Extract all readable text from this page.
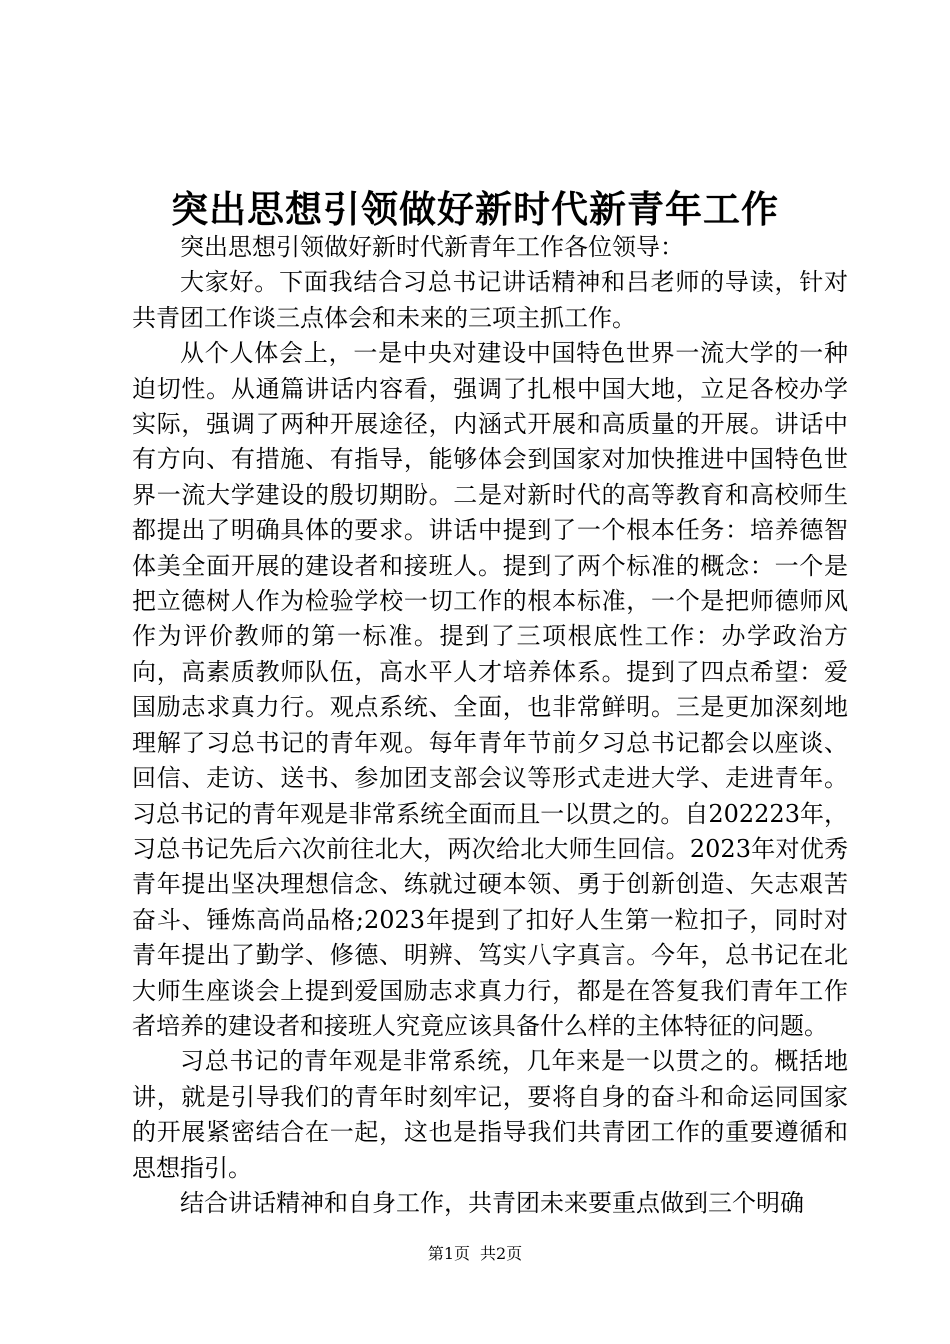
突出思想引领做好新时代新青年工作

突出思想引领做好新时代新青年工作各位领导：

大家好。下面我结合习总书记讲话精神和吕老师的导读，针对共青团工作谈三点体会和未来的三项主抓工作。

从个人体会上，一是中央对建设中国特色世界一流大学的一种迫切性。从通篇讲话内容看，强调了扎根中国大地，立足各校办学实际，强调了两种开展途径，内涵式开展和高质量的开展。讲话中有方向、有措施、有指导，能够体会到国家对加快推进中国特色世界一流大学建设的殷切期盼。二是对新时代的高等教育和高校师生都提出了明确具体的要求。讲话中提到了一个根本任务：培养德智体美全面开展的建设者和接班人。提到了两个标准的概念：一个是把立德树人作为检验学校一切工作的根本标准，一个是把师德师风作为评价教师的第一标准。提到了三项根底性工作：办学政治方向，高素质教师队伍，高水平人才培养体系。提到了四点希望：爱国励志求真力行。观点系统、全面，也非常鲜明。三是更加深刻地理解了习总书记的青年观。每年青年节前夕习总书记都会以座谈、回信、走访、送书、参加团支部会议等形式走进大学、走进青年。习总书记的青年观是非常系统全面而且一以贯之的。自202223年，习总书记先后六次前往北大，两次给北大师生回信。2023年对优秀青年提出坚决理想信念、练就过硬本领、勇于创新创造、矢志艰苦奋斗、锤炼高尚品格;2023年提到了扣好人生第一粒扣子，同时对青年提出了勤学、修德、明辨、笃实八字真言。今年，总书记在北大师生座谈会上提到爱国励志求真力行，都是在答复我们青年工作者培养的建设者和接班人究竟应该具备什么样的主体特征的问题。

习总书记的青年观是非常系统，几年来是一以贯之的。概括地讲，就是引导我们的青年时刻牢记，要将自身的奋斗和命运同国家的开展紧密结合在一起，这也是指导我们共青团工作的重要遵循和思想指引。

结合讲话精神和自身工作，共青团未来要重点做到三个明确

第1页 共2页
